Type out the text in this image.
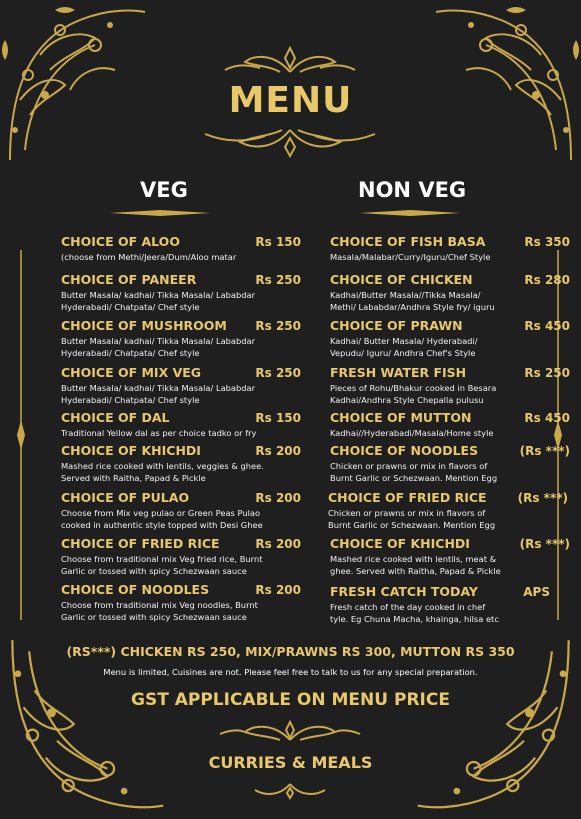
MENU
VEG	NON VEG
CHOICE OF ALOO	Rs 150
(choose from Methi/Jeera/Dum/Aloo matar
CHOICE OF PANEER	Rs 250
Butter Masala/ kadhai/ Tikka Masala/ Lababdar
Hyderabadi/ Chatpata/ Chef style
CHOICE OF MUSHROOM Rs 250
Butter Masala/ kadhai/ Tikka Masala/ Lababdar
Hyderabadi/ Chatpata/ Chef style
CHOICE OF MIX VEG	Rs 250
Butter Masala/ kadhai/ Tikka Masala/ Lababdar
Hyderabadi/ Chatpata/ Chef style
CHOICE OF DAL	Rs 150
Traditional Yellow dal as per choice tadko or fry
CHOICE OF KHICHDI	Rs 200
Mashed rice cooked with lentils, veggies & ghee.
Served with Raitha, Papad & Pickle
CHOICE OF PULAO	Rs 200
Choose from Mix veg pulao or Green Peas Pulao
cooked in authentic style topped with Desi Ghee
CHOICE OF FRIED RICE	Rs 200
Choose from traditional mix Veg fried rice, Burnt
Garlic or tossed with spicy Schezwaan sauce
CHOICE OF NOODLES	Rs 200
Choose from traditional mix Veg noodles, Burnt
Garlic or tossed with spicy Schezwaan sauce
CHOICE OF FISH BASA	Rs 350
Masala/Malabar/Curry/Iguru/Chef Style
CHOICE OF CHICKEN	Rs 280
Kadhai/Butter Masala//Tikka Masala/
Methi/ Lababdar/Andhra Style fry/ iguru
CHOICE OF PRAWN	Rs 450
Kadhai/ Butter Masala/ Hyderabadi/
Vepudu/ Iguru/ Andhra Chef's Style
FRESH WATER FISH	Rs 250
Pieces of Rohu/Bhakur cooked in Besara
Kadhai/Andhra Style Chepalla pulusu
CHOICE OF MUTTON	Rs 450
Kadhai//Hyderabadi/Masala/Home style
CHOICE OF NOODLES	(Rs ***)
Chicken or prawns or mix in flavors of
Burnt Garlic or Schezwaan. Mention Egg
CHOICE OF FRIED RICE	(Rs ***)
Chicken or prawns or mix in flavors of
Burnt Garlic or Schezwaan. Mention Egg
CHOICE OF KHICHDI	(Rs ***)
Mashed rice cooked with lentils, meat &
ghee. Served with Raitha, Papad & Pickle
FRESH CATCH TODAY	APS
Fresh catch of the day cooked in chef
tyle. Eg Chuna Macha, khainga, hilsa etc
(RS***) CHICKEN RS 250, MIX/PRAWNS RS 300, MUTTON RS 350
Menu is limited, Cuisines are not. Please feel free to talk to us for any special preparation.
GST APPLICABLE ON MENU PRICE
CURRIES & MEALS
